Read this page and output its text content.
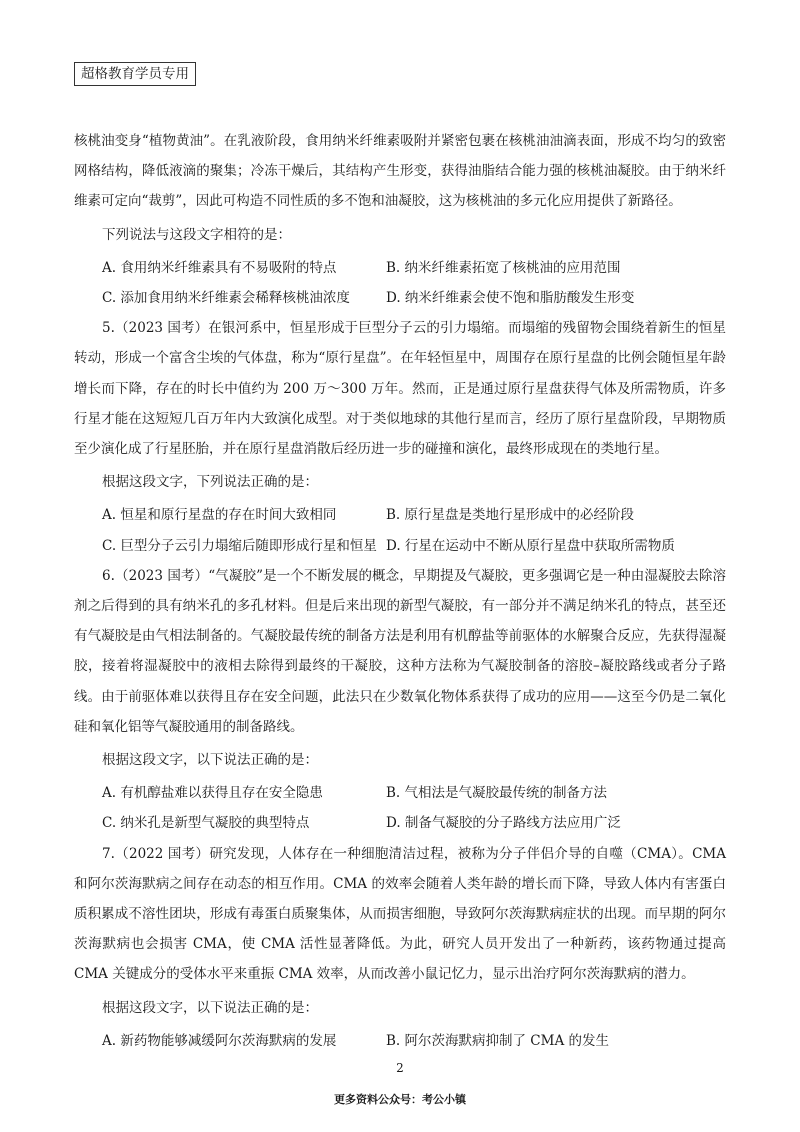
超格教育学员专用

核桃油变身“植物黄油”。在乳液阶段，食用纳米纤维素吸附并紧密包裹在核桃油油滴表面，形成不均匀的致密网格结构，降低液滴的聚集；冷冻干燥后，其结构产生形变，获得油脂结合能力强的核桃油凝胶。由于纳米纤维素可定向“裁剪”，因此可构造不同性质的多不饱和油凝胶，这为核桃油的多元化应用提供了新路径。

下列说法与这段文字相符的是：

A. 食用纳米纤维素具有不易吸附的特点	B. 纳米纤维素拓宽了核桃油的应用范围
C. 添加食用纳米纤维素会稀释核桃油浓度	D. 纳米纤维素会使不饱和脂肪酸发生形变

5.（2023 国考）在银河系中，恒星形成于巨型分子云的引力塌缩。而塌缩的残留物会围绕着新生的恒星转动，形成一个富含尘埃的气体盘，称为“原行星盘”。在年轻恒星中，周围存在原行星盘的比例会随恒星年龄增长而下降，存在的时长中值约为 200 万～300 万年。然而，正是通过原行星盘获得气体及所需物质，许多行星才能在这短短几百万年内大致演化成型。对于类似地球的其他行星而言，经历了原行星盘阶段，早期物质至少演化成了行星胚胎，并在原行星盘消散后经历进一步的碰撞和演化，最终形成现在的类地行星。

根据这段文字，下列说法正确的是：

A. 恒星和原行星盘的存在时间大致相同	B. 原行星盘是类地行星形成中的必经阶段
C. 巨型分子云引力塌缩后随即形成行星和恒星 D. 行星在运动中不断从原行星盘中获取所需物质

6.（2023 国考）“气凝胶”是一个不断发展的概念，早期提及气凝胶，更多强调它是一种由湿凝胶去除溶剂之后得到的具有纳米孔的多孔材料。但是后来出现的新型气凝胶，有一部分并不满足纳米孔的特点，甚至还有气凝胶是由气相法制备的。气凝胶最传统的制备方法是利用有机醇盐等前驱体的水解聚合反应，先获得湿凝胶，接着将湿凝胶中的液相去除得到最终的干凝胶，这种方法称为气凝胶制备的溶胶–凝胶路线或者分子路线。由于前驱体难以获得且存在安全问题，此法只在少数氧化物体系获得了成功的应用——这至今仍是二氧化硅和氧化铝等气凝胶通用的制备路线。

根据这段文字，以下说法正确的是：

A. 有机醇盐难以获得且存在安全隐患	B. 气相法是气凝胶最传统的制备方法
C. 纳米孔是新型气凝胶的典型特点	D. 制备气凝胶的分子路线方法应用广泛

7.（2022 国考）研究发现，人体存在一种细胞清洁过程，被称为分子伴侣介导的自噬（CMA）。CMA 和阿尔茨海默病之间存在动态的相互作用。CMA 的效率会随着人类年龄的增长而下降，导致人体内有害蛋白质积累成不溶性团块，形成有毒蛋白质聚集体，从而损害细胞，导致阿尔茨海默病症状的出现。而早期的阿尔茨海默病也会损害 CMA，使 CMA 活性显著降低。为此，研究人员开发出了一种新药，该药物通过提高 CMA 关键成分的受体水平来重振 CMA 效率，从而改善小鼠记忆力，显示出治疗阿尔茨海默病的潜力。

根据这段文字，以下说法正确的是：

A. 新药物能够减缓阿尔茨海默病的发展	B. 阿尔茨海默病抑制了 CMA 的发生
2
更多资料公众号：考公小镇
